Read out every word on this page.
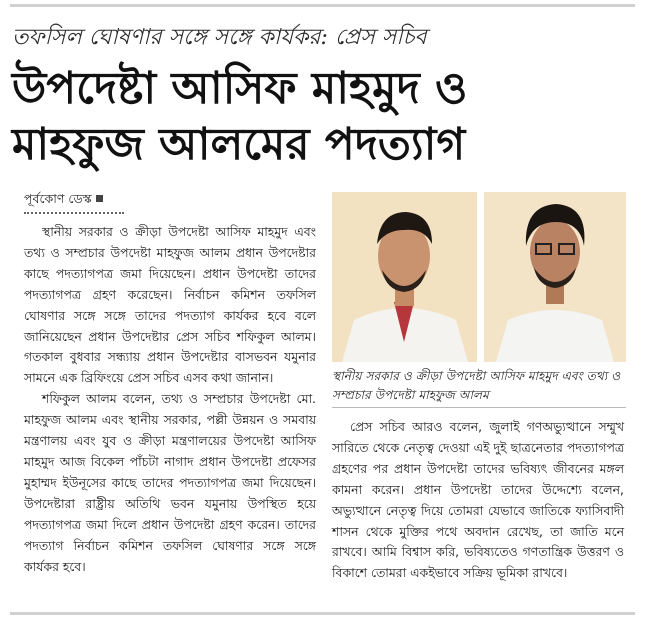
তফসিল ঘোষণার সঙ্গে সঙ্গে কার্যকর: প্রেস সচিব
উপদেষ্টা আসিফ মাহমুদ ও
মাহফুজ আলমের পদত্যাগ
পূর্বকোণ ডেস্ক

স্থানীয় সরকার ও ক্রীড়া উপদেষ্টা আসিফ মাহমুদ এবং তথ্য ও সম্প্রচার উপদেষ্টা মাহফুজ আলম প্রধান উপদেষ্টার কাছে পদত্যাগপত্র জমা দিয়েছেন। প্রধান উপদেষ্টা তাদের পদত্যাগপত্র গ্রহণ করেছেন। নির্বাচন কমিশন তফসিল ঘোষণার সঙ্গে সঙ্গে তাদের পদত্যাগ কার্যকর হবে বলে জানিয়েছেন প্রধান উপদেষ্টার প্রেস সচিব শফিকুল আলম। গতকাল বুধবার সন্ধ্যায় প্রধান উপদেষ্টার বাসভবন যমুনার সামনে এক ব্রিফিংয়ে প্রেস সচিব এসব কথা জানান।

শফিকুল আলম বলেন, তথ্য ও সম্প্রচার উপদেষ্টা মো. মাহফুজ আলম এবং স্থানীয় সরকার, পল্লী উন্নয়ন ও সমবায় মন্ত্রণালয় এবং যুব ও ক্রীড়া মন্ত্রণালয়ের উপদেষ্টা আসিফ মাহমুদ আজ বিকেল পাঁচটা নাগাদ প্রধান উপদেষ্টা প্রফেসর মুহাম্মদ ইউনূসের কাছে তাদের পদত্যাগপত্র জমা দিয়েছেন। উপদেষ্টারা রাষ্ট্রীয় অতিথি ভবন যমুনায় উপস্থিত হয়ে পদত্যাগপত্র জমা দিলে প্রধান উপদেষ্টা গ্রহণ করেন। তাদের পদত্যাগ নির্বাচন কমিশন তফসিল ঘোষণার সঙ্গে সঙ্গে কার্যকর হবে।

স্থানীয় সরকার ও ক্রীড়া উপদেষ্টা আসিফ মাহমুদ এবং তথ্য ও সম্প্রচার উপদেষ্টা মাহফুজ আলম

প্রেস সচিব আরও বলেন, জুলাই গণঅভ্যুত্থানে সম্মুখ সারিতে থেকে নেতৃত্ব দেওয়া এই দুই ছাত্রনেতার পদত্যাগপত্র গ্রহণের পর প্রধান উপদেষ্টা তাদের ভবিষ্যৎ জীবনের মঙ্গল কামনা করেন। প্রধান উপদেষ্টা তাদের উদ্দেশ্যে বলেন, অভ্যুত্থানে নেতৃত্ব দিয়ে তোমরা যেভাবে জাতিকে ফ্যাসিবাদী শাসন থেকে মুক্তির পথে অবদান রেখেছ, তা জাতি মনে রাখবে। আমি বিশ্বাস করি, ভবিষ্যতেও গণতান্ত্রিক উত্তরণ ও বিকাশে তোমরা একইভাবে সক্রিয় ভূমিকা রাখবে।
